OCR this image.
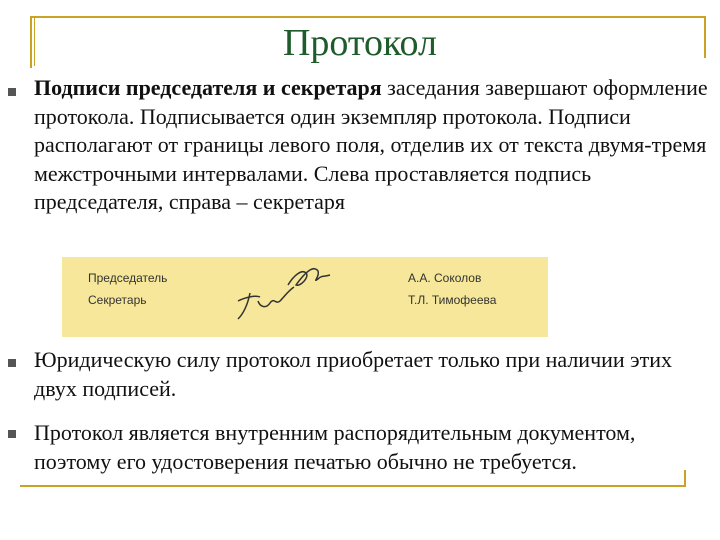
Протокол

Подписи председателя и секретаря заседания завершают оформление протокола. Подписывается один экземпляр протокола. Подписи располагают от границы левого поля, отделив их от текста двумя-тремя межстрочными интервалами. Слева проставляется подпись председателя, справа – секретаря

Председатель
Секретарь
А.А. Соколов
Т.Л. Тимофеева

Юридическую силу протокол приобретает только при наличии этих двух подписей.

Протокол является внутренним распорядительным документом, поэтому его удостоверения печатью обычно не требуется.
